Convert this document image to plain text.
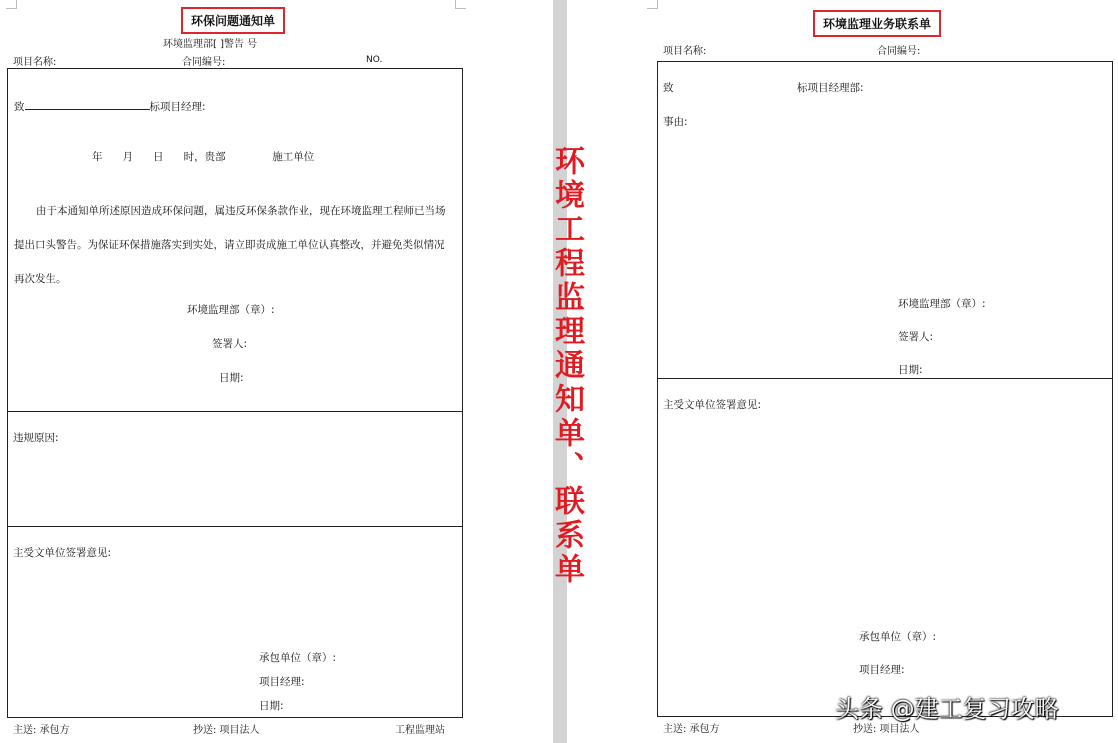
环保问题通知单
环境监理部[ ]警告 号
项目名称:	合同编号:	NO.
致	标项目经理:
年      月      日      时，贵部              施工单位
由于本通知单所述原因造成环保问题，属违反环保条款作业，现在环境监理工程师已当场提出口头警告。为保证环保措施落实到实处，请立即责成施工单位认真整改，并避免类似情况再次发生。
环境监理部（章）:
签署人:
日期:
违规原因:
主受文单位签署意见:
承包单位（章）:
项目经理:
日期:
主送: 承包方	抄送: 项目法人	工程监理站
环境工程监理通知单、联系单
环境监理业务联系单
项目名称:	合同编号:
致	标项目经理部:
事由:
环境监理部（章）:
签署人:
日期:
主受文单位签署意见:
承包单位（章）:
项目经理:
主送: 承包方	抄送: 项目法人
头条 @建工复习攻略
